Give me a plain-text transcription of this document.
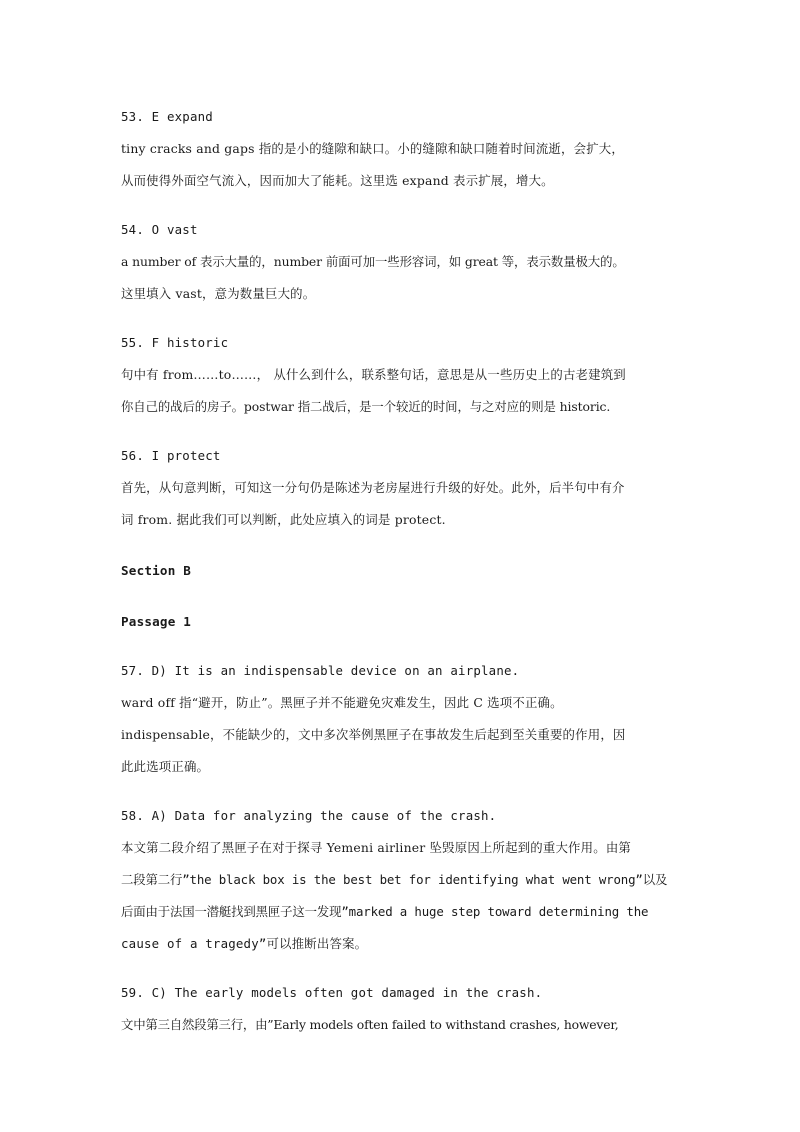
53. E expand
tiny cracks and gaps 指的是小的缝隙和缺口。小的缝隙和缺口随着时间流逝，会扩大，
从而使得外面空气流入，因而加大了能耗。这里选 expand 表示扩展，增大。
54. O vast
a number of 表示大量的，number 前面可加一些形容词，如 great 等，表示数量极大的。
这里填入 vast，意为数量巨大的。
55. F historic
句中有 from……to……， 从什么到什么，联系整句话，意思是从一些历史上的古老建筑到
你自己的战后的房子。postwar 指二战后，是一个较近的时间，与之对应的则是 historic.
56. I protect
首先，从句意判断，可知这一分句仍是陈述为老房屋进行升级的好处。此外，后半句中有介
词 from. 据此我们可以判断，此处应填入的词是 protect.
Section B
Passage 1
57. D) It is an indispensable device on an airplane.
ward off 指“避开，防止”。黑匣子并不能避免灾难发生，因此 C 选项不正确。
indispensable，不能缺少的，文中多次举例黑匣子在事故发生后起到至关重要的作用，因
此此选项正确。
58. A) Data for analyzing the cause of the crash.
本文第二段介绍了黑匣子在对于探寻 Yemeni airliner 坠毁原因上所起到的重大作用。由第
二段第二行”the black box is the best bet for identifying what went wrong”以及
后面由于法国一潜艇找到黑匣子这一发现”marked a huge step toward determining the
cause of a tragedy”可以推断出答案。
59. C) The early models often got damaged in the crash.
文中第三自然段第三行，由”Early models often failed to withstand crashes, however,
